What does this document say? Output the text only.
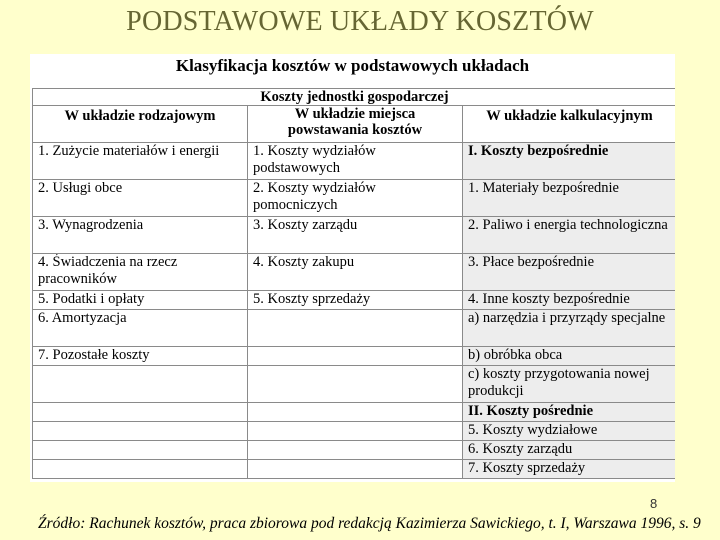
PODSTAWOWE UKŁADY KOSZTÓW
Klasyfikacja kosztów w podstawowych układach
Koszty jednostki gospodarczej		
W układzie rodzajowym	W układzie miejsca powstawania kosztów	W układzie kalkulacyjnym
1. Zużycie materiałów i energii	1. Koszty wydziałów podstawowych	I. Koszty bezpośrednie
2. Usługi obce	2. Koszty wydziałów pomocniczych	1. Materiały bezpośrednie
3. Wynagrodzenia	3. Koszty zarządu	2. Paliwo i energia technologiczna
4. Świadczenia na rzecz pracowników	4. Koszty zakupu	3. Płace bezpośrednie
5. Podatki i opłaty	5. Koszty sprzedaży	4. Inne koszty bezpośrednie
6. Amortyzacja		a) narzędzia i przyrządy specjalne
7. Pozostałe koszty		b) obróbka obca
		c) koszty przygotowania nowej produkcji
		II. Koszty pośrednie
		5. Koszty wydziałowe
		6. Koszty zarządu
		7. Koszty sprzedaży
8
Źródło: Rachunek kosztów, praca zbiorowa pod redakcją Kazimierza Sawickiego, t. I, Warszawa 1996, s. 9
